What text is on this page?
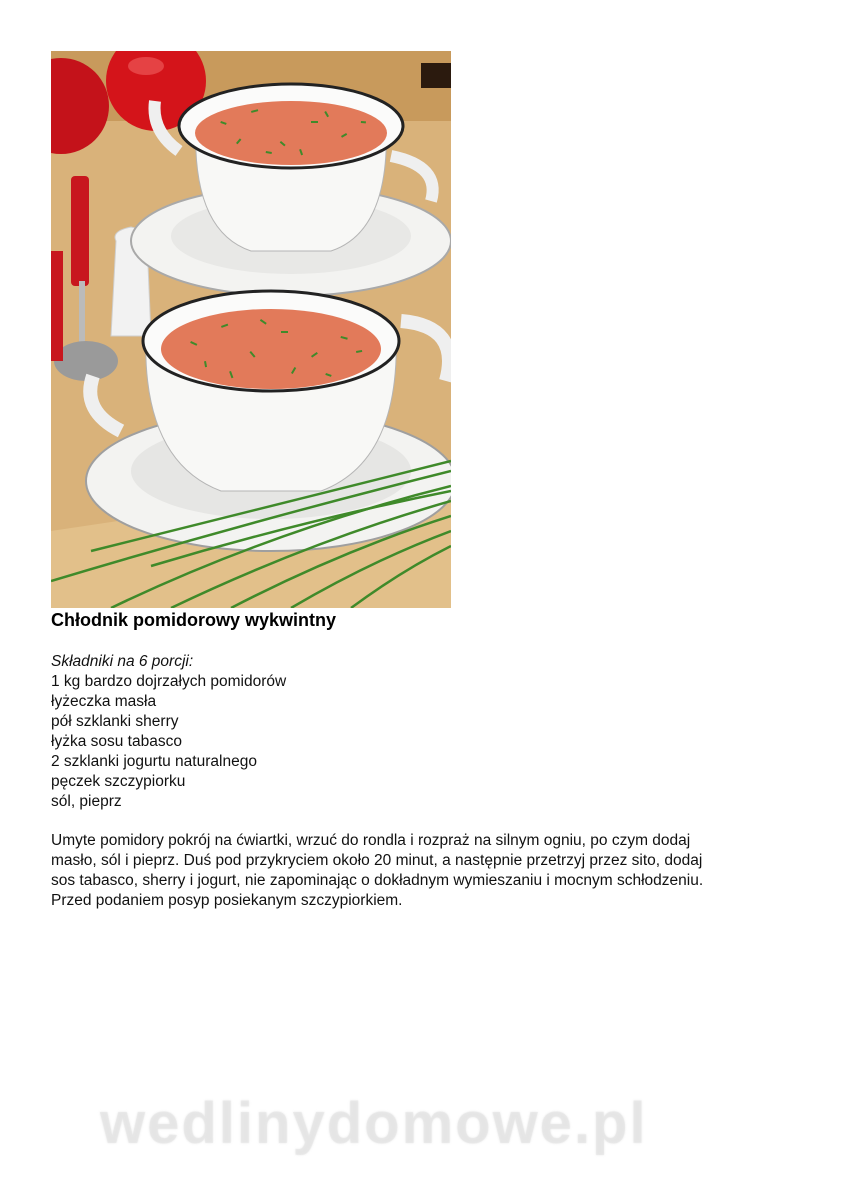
Chłodnik pomidorowy wykwintny

Składniki na 6 porcji:

1 kg bardzo dojrzałych pomidorów
łyżeczka masła
pół szklanki sherry
łyżka sosu tabasco
2 szklanki jogurtu naturalnego
pęczek szczypiorku
sól, pieprz

Umyte pomidory pokrój na ćwiartki, wrzuć do rondla i rozpraż na silnym ogniu, po czym dodaj
masło, sól i pieprz. Duś pod przykryciem około 20 minut, a następnie przetrzyj przez sito, dodaj
sos tabasco, sherry i jogurt, nie zapominając o dokładnym wymieszaniu i mocnym schłodzeniu.
Przed podaniem posyp posiekanym szczypiorkiem.

wedlinydomowe.pl
